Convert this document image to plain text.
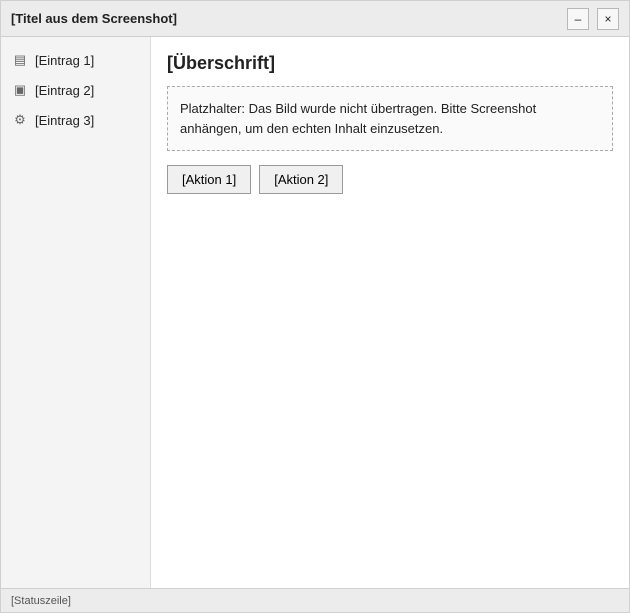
[Titel aus dem Screenshot]	–	×
▤ [Eintrag 1]
▣ [Eintrag 2]
⚙ [Eintrag 3]
[Überschrift]

Platzhalter: Das Bild wurde nicht übertragen. Bitte Screenshot anhängen, um den echten Inhalt einzusetzen.

[Aktion 1]	[Aktion 2]
[Statuszeile]
